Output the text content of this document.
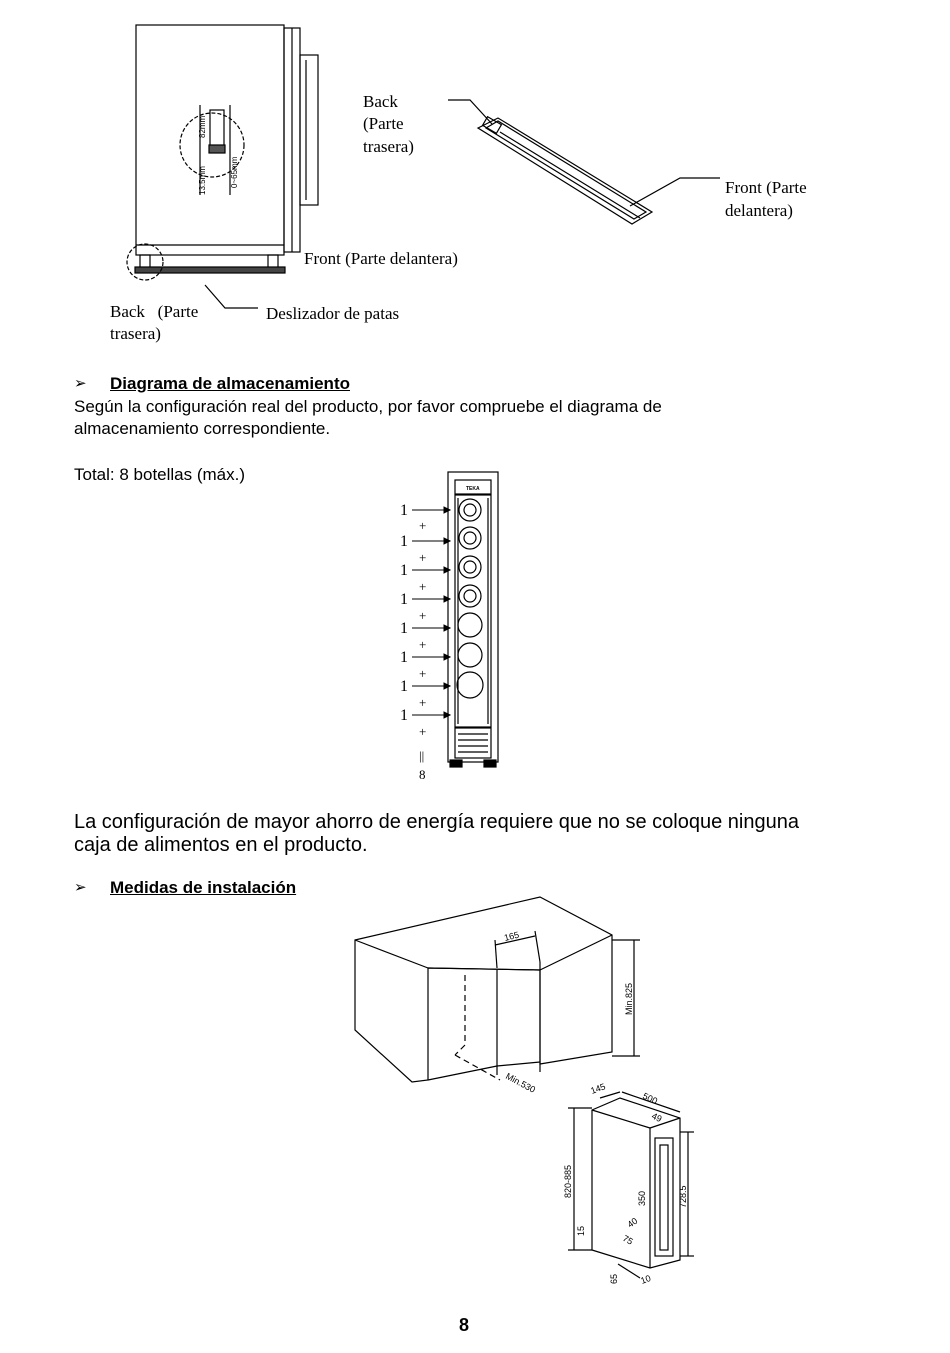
82mm
13.5mm	0~65mm
Front (Parte delantera)
Back   (Parte
trasera)
Deslizador de patas
Back
(Parte
trasera)
Front (Parte
delantera)
➢ Diagrama de almacenamiento
Según la configuración real del producto, por favor compruebe el diagrama de
almacenamiento correspondiente.
Total: 8 botellas (máx.)
TEKA
1
1
1
1
1
1
1
1
+
+
+
+
+
+
+
+
||
8
La configuración de mayor ahorro de energía requiere que no se coloque ninguna
caja de alimentos en el producto.
➢ Medidas de instalación
165
Min.825
Min.530	145
500
49
820-885
350	728.5
15
40
75
65 10
8
